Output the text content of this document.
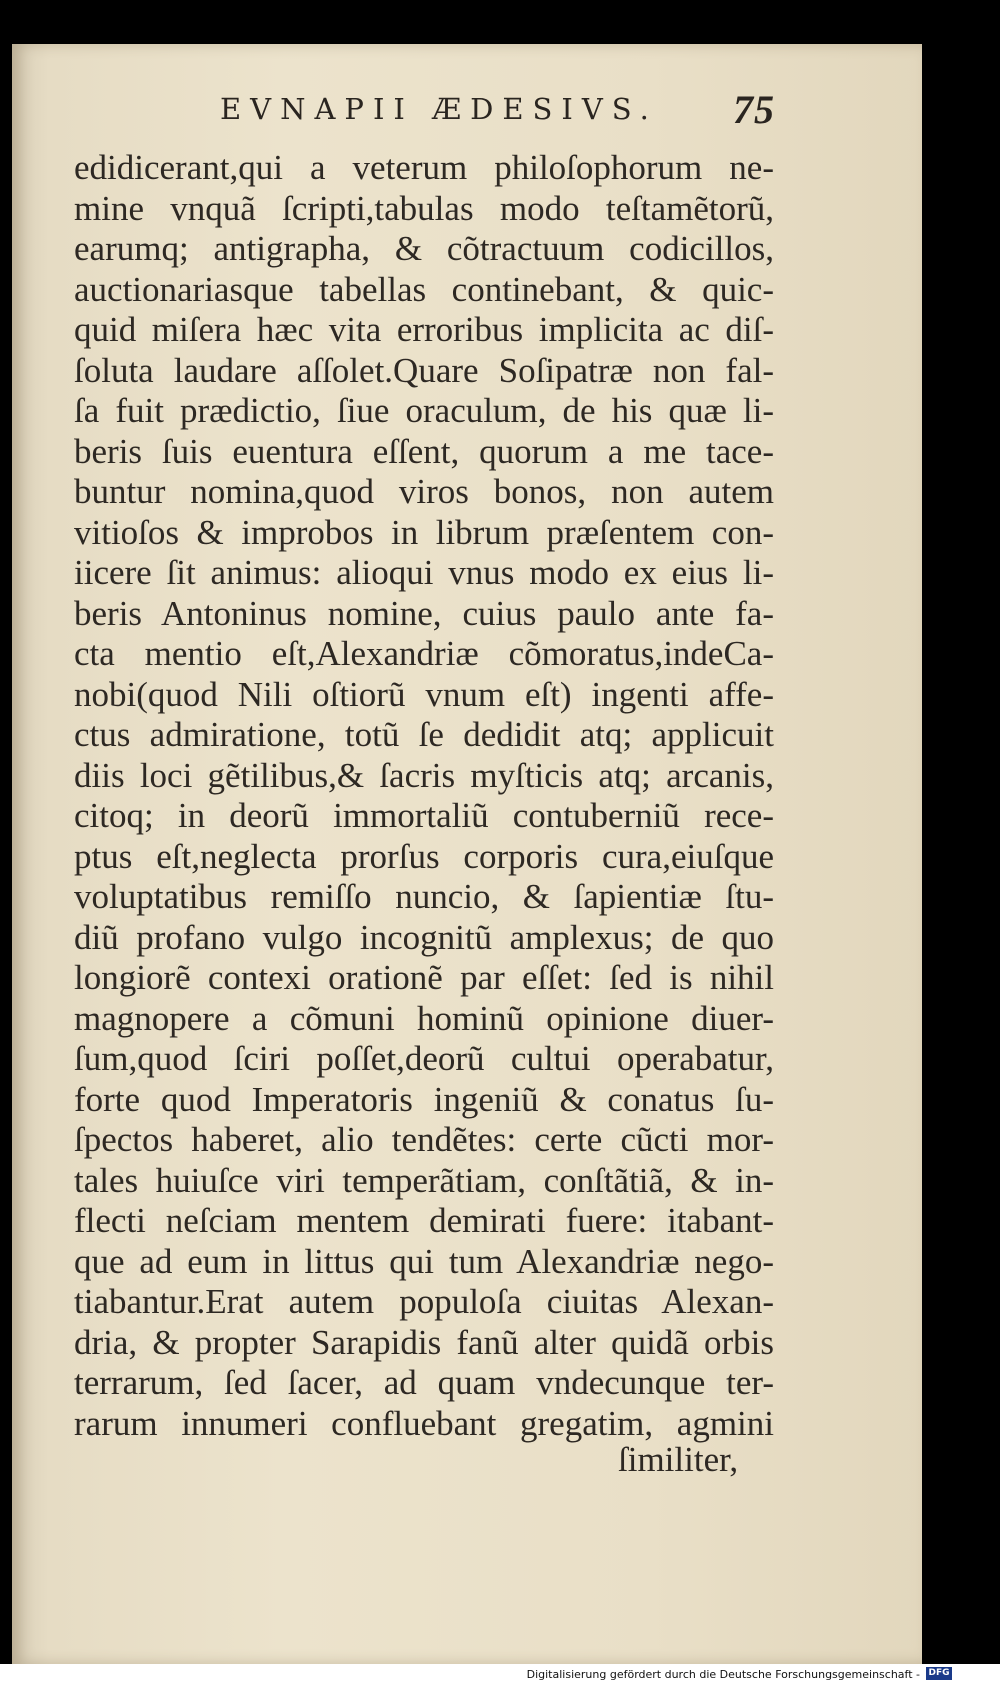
EVNAPII ÆDESIVS. 75
edidicerant,qui a veterum philoſophorum ne-
mine vnquã ſcripti,tabulas modo teſtamẽtorũ,
earumq; antigrapha, & cõtractuum codicillos,
auctionariasque tabellas continebant, & quic-
quid miſera hæc vita erroribus implicita ac diſ-
ſoluta laudare aſſolet.Quare Soſipatræ non fal-
ſa fuit prædictio, ſiue oraculum, de his quæ li-
beris ſuis euentura eſſent, quorum a me tace-
buntur nomina,quod viros bonos, non autem
vitioſos & improbos in librum præſentem con-
iicere ſit animus: alioqui vnus modo ex eius li-
beris Antoninus nomine, cuius paulo ante fa-
cta mentio eſt,Alexandriæ cõmoratus,indeCa-
nobi(quod Nili oſtiorũ vnum eſt) ingenti affe-
ctus admiratione, totũ ſe dedidit atq; applicuit
diis loci gẽtilibus,& ſacris myſticis atq; arcanis,
citoq; in deorũ immortaliũ contuberniũ rece-
ptus eſt,neglecta prorſus corporis cura,eiuſque
voluptatibus remiſſo nuncio, & ſapientiæ ſtu-
diũ profano vulgo incognitũ amplexus; de quo
longiorẽ contexi orationẽ par eſſet: ſed is nihil
magnopere a cõmuni hominũ opinione diuer-
ſum,quod ſciri poſſet,deorũ cultui operabatur,
forte quod Imperatoris ingeniũ & conatus ſu-
ſpectos haberet, alio tendẽtes: certe cũcti mor-
tales huiuſce viri temperãtiam, conſtãtiã, & in-
flecti neſciam mentem demirati fuere: itabant-
que ad eum in littus qui tum Alexandriæ nego-
tiabantur.Erat autem populoſa ciuitas Alexan-
dria, & propter Sarapidis fanũ alter quidã orbis
terrarum, ſed ſacer, ad quam vndecunque ter-
rarum innumeri confluebant gregatim, agmini
ſimiliter,
Digitalisierung gefördert durch die Deutsche Forschungsgemeinschaft - DFG
